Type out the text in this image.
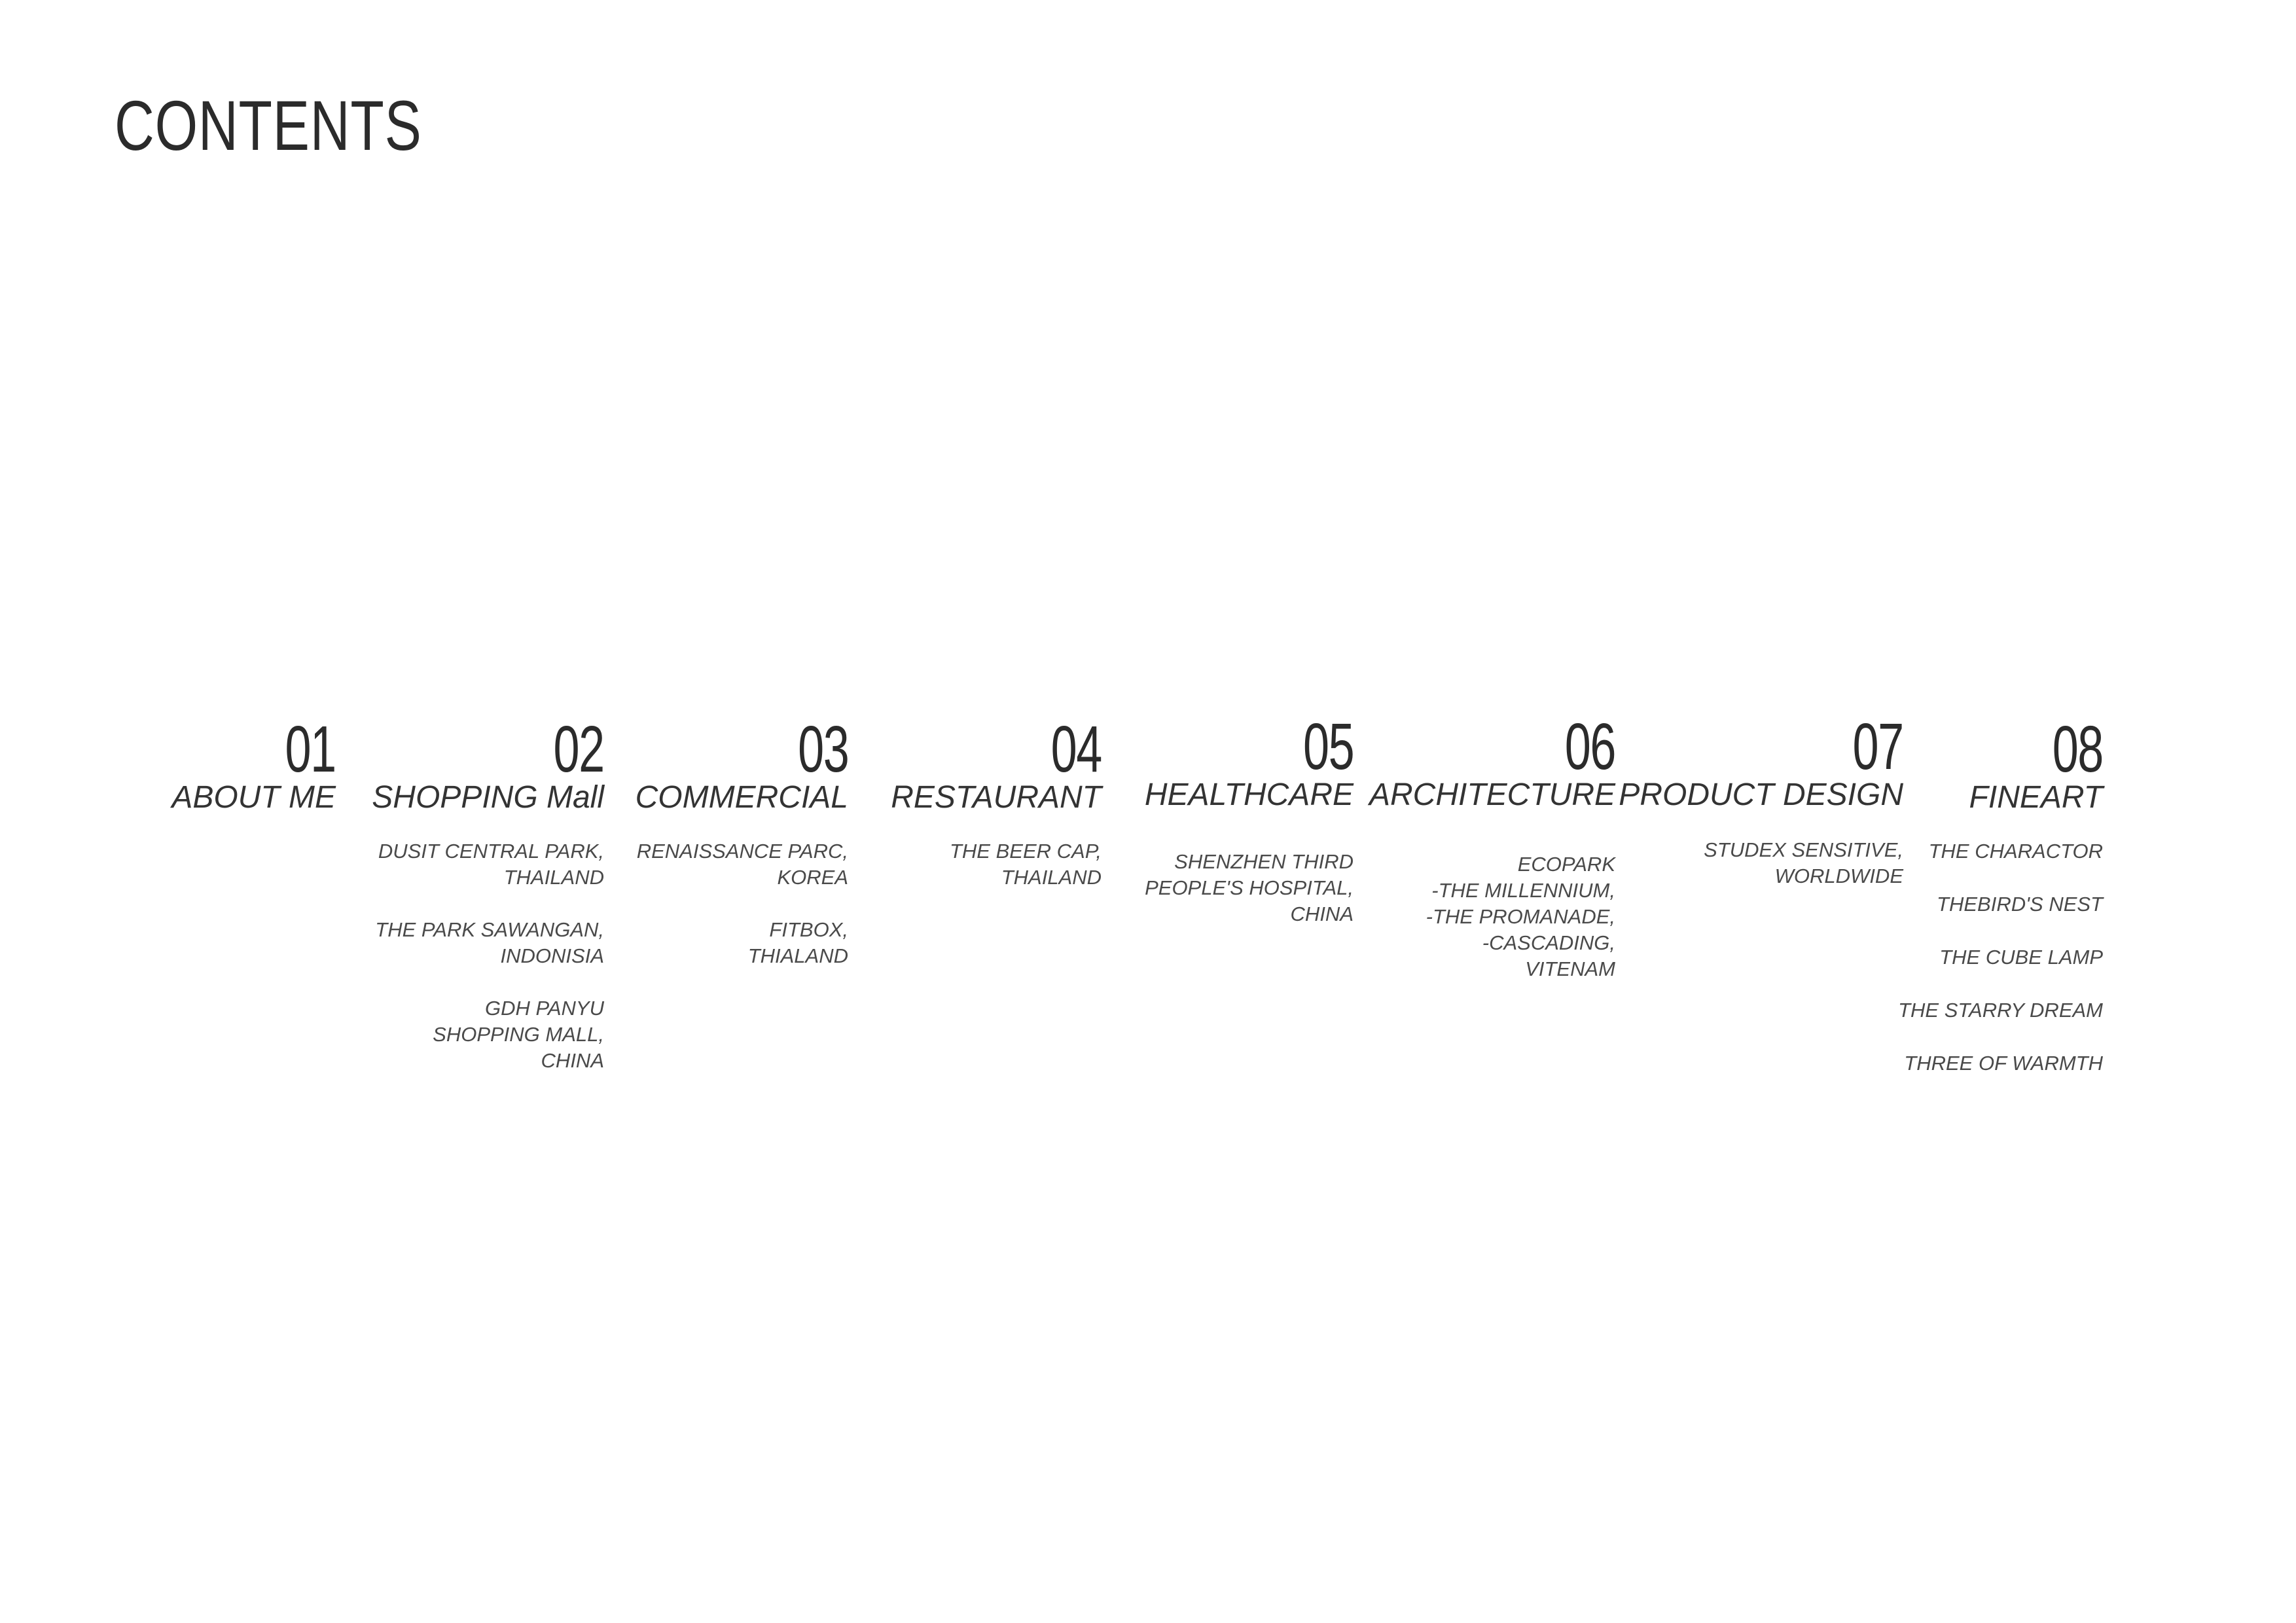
CONTENTS
01
ABOUT ME
02
SHOPPING Mall
DUSIT CENTRAL PARK,
THAILAND
THE PARK SAWANGAN,
INDONISIA
GDH PANYU
SHOPPING MALL,
CHINA
03
COMMERCIAL
RENAISSANCE PARC,
KOREA
FITBOX,
THIALAND
04
RESTAURANT
THE BEER CAP,
THAILAND
05
HEALTHCARE
SHENZHEN THIRD
PEOPLE'S HOSPITAL,
CHINA
06
ARCHITECTURE
ECOPARK
-THE MILLENNIUM,
-THE PROMANADE,
-CASCADING,
VITENAM
07
PRODUCT DESIGN
STUDEX SENSITIVE,
WORLDWIDE
08
FINEART
THE CHARACTOR
THEBIRD'S NEST
THE CUBE LAMP
THE STARRY DREAM
THREE OF WARMTH
